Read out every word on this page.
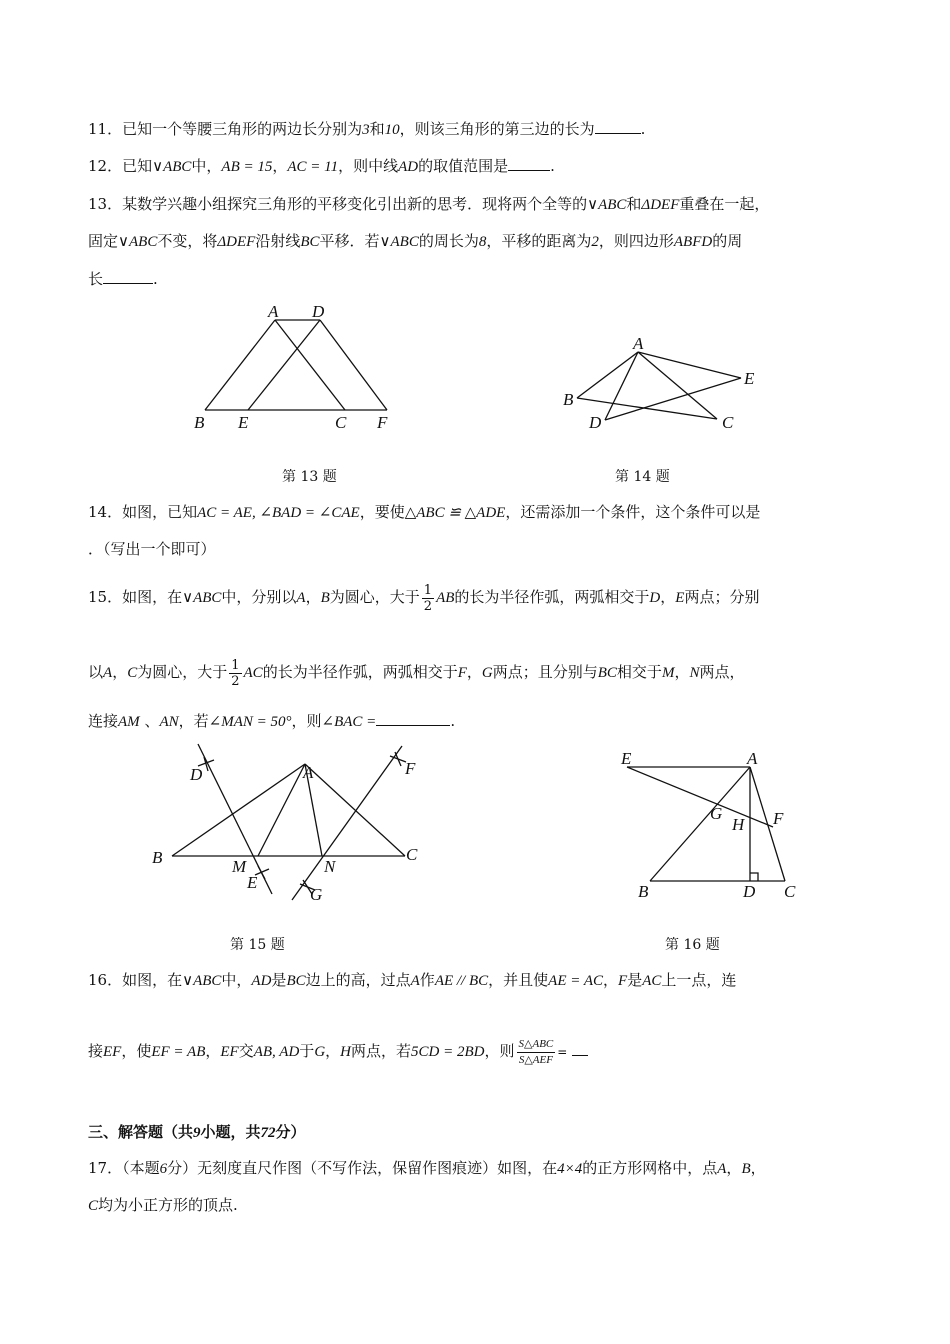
11．已知一个等腰三角形的两边长分别为3和10，则该三角形的第三边的长为	.
12．已知∨ABC中，AB = 15，AC = 11，则中线AD的取值范围是	.
13．某数学兴趣小组探究三角形的平移变化引出新的思考．现将两个全等的∨ABC和ΔDEF重叠在一起，
固定∨ABC不变，将ΔDEF沿射线BC平移．若∨ABC的周长为8，平移的距离为2，则四边形ABFD的周
长	.
A D
B E	C F
第 13 题
A
B
D	C
E
第 14 题
14．如图，已知AC = AE, ∠BAD = ∠CAE，要使△ABC ≌ △ADE，还需添加一个条件，这个条件可以是
．（写出一个即可）
15．如图，在∨ABC中，分别以A，B为圆心，大于 $\frac{1}{2}$ AB的长为半径作弧，两弧相交于D，E两点；分别
以A，C为圆心，大于 $\frac{1}{2}$ AC的长为半径作弧，两弧相交于F，G两点；且分别与BC相交于M，N两点，
连接AM 、AN，若∠MAN = 50°，则∠BAC =	.
D	A	F
B	C
M	N
E
G
第 15 题
E	A
G
H F
B	D C
第 16 题
16．如图，在∨ABC中，AD是BC边上的高，过点A作AE // BC，并且使AE = AC，F是AC上一点，连
接EF，使EF = AB，EF交AB, AD于G，H两点，若5CD = 2BD，则 $\frac{\text{S△ABC}}{\text{S△AEF}}$ =
三、解答题（共9小题，共72分）
17．（本题6分）无刻度直尺作图（不写作法，保留作图痕迹）如图，在4×4的正方形网格中，点A，B，
C均为小正方形的顶点.
